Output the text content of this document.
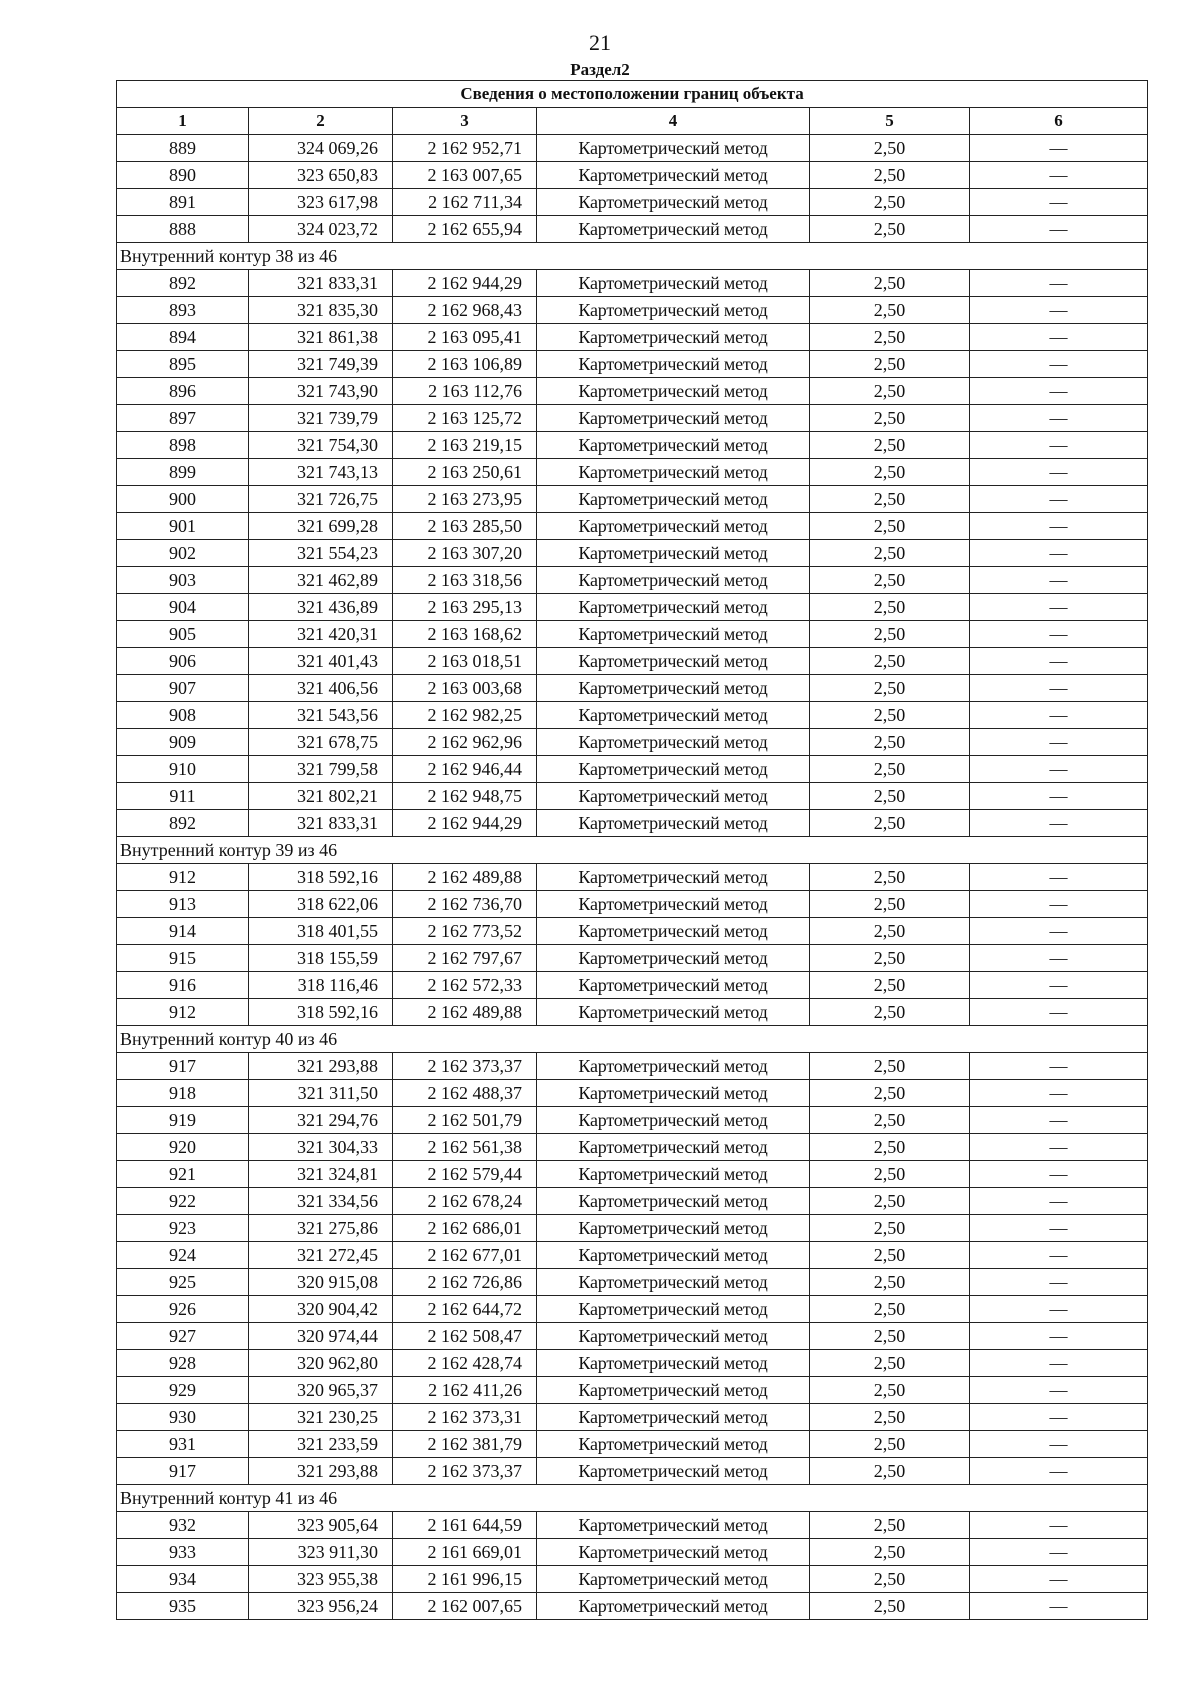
21
Раздел2
Сведения о местоположении границ объекта					
1	2	3	4	5	6
889	324 069,26	2 162 952,71	Картометрический метод	2,50	—
890	323 650,83	2 163 007,65	Картометрический метод	2,50	—
891	323 617,98	2 162 711,34	Картометрический метод	2,50	—
888	324 023,72	2 162 655,94	Картометрический метод	2,50	—
Внутренний контур 38 из 46					
892	321 833,31	2 162 944,29	Картометрический метод	2,50	—
893	321 835,30	2 162 968,43	Картометрический метод	2,50	—
894	321 861,38	2 163 095,41	Картометрический метод	2,50	—
895	321 749,39	2 163 106,89	Картометрический метод	2,50	—
896	321 743,90	2 163 112,76	Картометрический метод	2,50	—
897	321 739,79	2 163 125,72	Картометрический метод	2,50	—
898	321 754,30	2 163 219,15	Картометрический метод	2,50	—
899	321 743,13	2 163 250,61	Картометрический метод	2,50	—
900	321 726,75	2 163 273,95	Картометрический метод	2,50	—
901	321 699,28	2 163 285,50	Картометрический метод	2,50	—
902	321 554,23	2 163 307,20	Картометрический метод	2,50	—
903	321 462,89	2 163 318,56	Картометрический метод	2,50	—
904	321 436,89	2 163 295,13	Картометрический метод	2,50	—
905	321 420,31	2 163 168,62	Картометрический метод	2,50	—
906	321 401,43	2 163 018,51	Картометрический метод	2,50	—
907	321 406,56	2 163 003,68	Картометрический метод	2,50	—
908	321 543,56	2 162 982,25	Картометрический метод	2,50	—
909	321 678,75	2 162 962,96	Картометрический метод	2,50	—
910	321 799,58	2 162 946,44	Картометрический метод	2,50	—
911	321 802,21	2 162 948,75	Картометрический метод	2,50	—
892	321 833,31	2 162 944,29	Картометрический метод	2,50	—
Внутренний контур 39 из 46					
912	318 592,16	2 162 489,88	Картометрический метод	2,50	—
913	318 622,06	2 162 736,70	Картометрический метод	2,50	—
914	318 401,55	2 162 773,52	Картометрический метод	2,50	—
915	318 155,59	2 162 797,67	Картометрический метод	2,50	—
916	318 116,46	2 162 572,33	Картометрический метод	2,50	—
912	318 592,16	2 162 489,88	Картометрический метод	2,50	—
Внутренний контур 40 из 46					
917	321 293,88	2 162 373,37	Картометрический метод	2,50	—
918	321 311,50	2 162 488,37	Картометрический метод	2,50	—
919	321 294,76	2 162 501,79	Картометрический метод	2,50	—
920	321 304,33	2 162 561,38	Картометрический метод	2,50	—
921	321 324,81	2 162 579,44	Картометрический метод	2,50	—
922	321 334,56	2 162 678,24	Картометрический метод	2,50	—
923	321 275,86	2 162 686,01	Картометрический метод	2,50	—
924	321 272,45	2 162 677,01	Картометрический метод	2,50	—
925	320 915,08	2 162 726,86	Картометрический метод	2,50	—
926	320 904,42	2 162 644,72	Картометрический метод	2,50	—
927	320 974,44	2 162 508,47	Картометрический метод	2,50	—
928	320 962,80	2 162 428,74	Картометрический метод	2,50	—
929	320 965,37	2 162 411,26	Картометрический метод	2,50	—
930	321 230,25	2 162 373,31	Картометрический метод	2,50	—
931	321 233,59	2 162 381,79	Картометрический метод	2,50	—
917	321 293,88	2 162 373,37	Картометрический метод	2,50	—
Внутренний контур 41 из 46					
932	323 905,64	2 161 644,59	Картометрический метод	2,50	—
933	323 911,30	2 161 669,01	Картометрический метод	2,50	—
934	323 955,38	2 161 996,15	Картометрический метод	2,50	—
935	323 956,24	2 162 007,65	Картометрический метод	2,50	—
